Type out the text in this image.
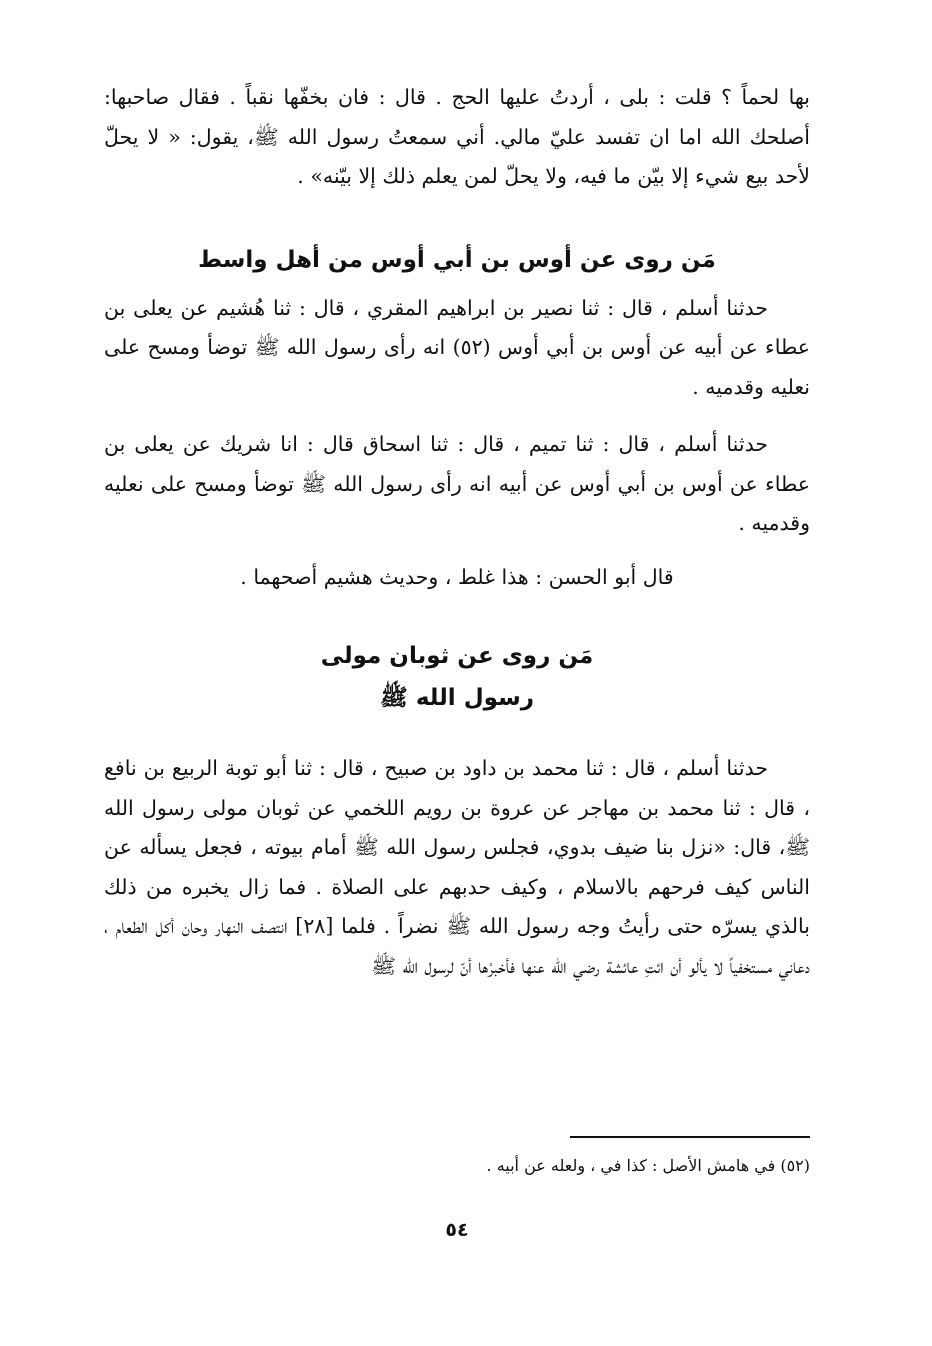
بها لحماً ؟ قلت : بلى ، أردتُ عليها الحج . قال : فان بخفّها نقباً . فقال صاحبها: أصلحك الله اما ان تفسد عليّ مالي. أني سمعتُ رسول الله ﷺ، يقول: « لا يحلّ لأحد بيع شيء إلا بيّن ما فيه، ولا يحلّ لمن يعلم ذلك إلا بيّنه» .

مَن روى عن أوس بن أبي أوس من أهل واسط

حدثنا أسلم ، قال : ثنا نصير بن ابراهيم المقري ، قال : ثنا هُشيم عن يعلى بن عطاء عن أبيه عن أوس بن أبي أوس (٥٢) انه رأى رسول الله ﷺ توضأ ومسح على نعليه وقدميه .

حدثنا أسلم ، قال : ثنا تميم ، قال : ثنا اسحاق قال : انا شريك عن يعلى بن عطاء عن أوس بن أبي أوس عن أبيه انه رأى رسول الله ﷺ توضأ ومسح على نعليه وقدميه .

قال أبو الحسن : هذا غلط ، وحديث هشيم أصحهما .

مَن روى عن ثوبان مولى

رسول الله ﷺ

حدثنا أسلم ، قال : ثنا محمد بن داود بن صبيح ، قال : ثنا أبو توبة الربيع بن نافع ، قال : ثنا محمد بن مهاجر عن عروة بن رويم اللخمي عن ثوبان مولى رسول الله ﷺ، قال: «نزل بنا ضيف بدوي، فجلس رسول الله ﷺ أمام بيوته ، فجعل يسأله عن الناس كيف فرحهم بالاسلام ، وكيف حدبهم على الصلاة . فما زال يخبره من ذلك بالذي يسرّه حتى رأيتُ وجه رسول الله ﷺ نضراً . فلما [٢٨] انتصف النهار وحان أكل الطعام ، دعاني مستخفياً لا يألو أن ائتِ عائشة رضي الله عنها فأخبرْها أنّ لرسول الله ﷺ

(٥٢) في هامش الأصل : كذا في ، ولعله عن أبيه .

٥٤
